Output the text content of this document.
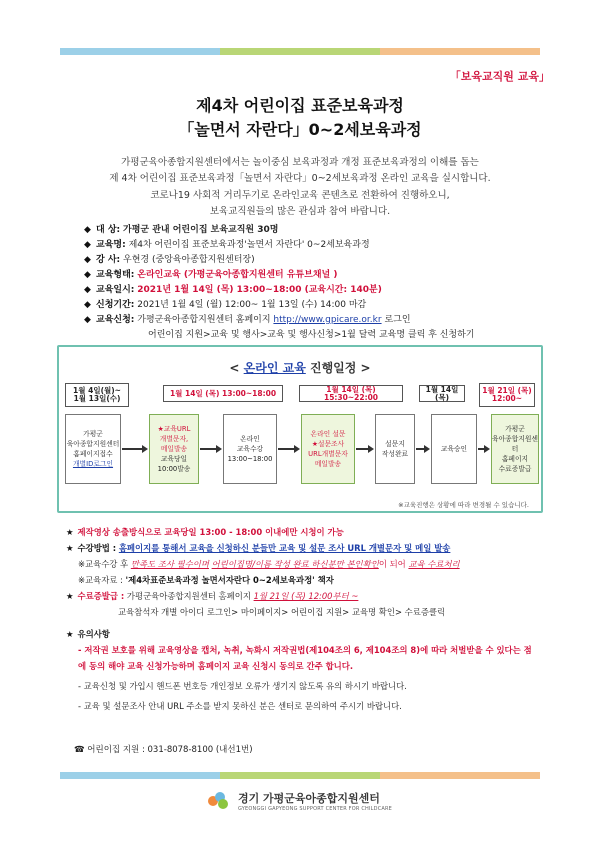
「보육교직원 교육」
제4차 어린이집 표준보육과정
「놀면서 자란다」0~2세보육과정
가평군육아종합지원센터에서는 놀이중심 보육과정과 개정 표준보육과정의 이해를 돕는
제 4차 어린이집 표준보육과정「놀면서 자란다」0~2세보육과정 온라인 교육을 실시합니다.
코로나19 사회적 거리두기로 온라인교육 콘텐츠로 전환하여 진행하오니,
보육교직원들의 많은 관심과 참여 바랍니다.
◆ 대 상:
가평군 관내 어린이집 보육교직원 30명
◆ 교육명:
제4차 어린이집 표준보육과정'놀면서 자란다' 0~2세보육과정
◆ 강 사:
우현경 (중앙육아종합지원센터장)
◆ 교육형태:
온라인교육 (가평군육아종합지원센터 유튜브채널 )
◆ 교육일시:
2021년 1월 14일 (목) 13:00~18:00 (교육시간: 140분)
◆ 신청기간:
2021년 1월 4일 (월) 12:00~ 1월 13일 (수) 14:00 마감
◆ 교육신청:
가평군육아종합지원센터 홈페이지
http://www.gpicare.or.kr
로그인
어린이집 지원>교육 및 행사>교육 및 행사신청>1월 달력 교육명 클릭 후 신청하기
< 온라인 교육 진행일정 >
1월 4일(월)~
1월 13일(수)
1월 14일 (목) 13:00~18:00	1월 14일 (목) 15:30~22:00
1월 14일(목)
1월 21일 (목)
12:00~
가평군
육아종합지원센터
홈페이지접수
개별ID로그인
★교육URL
개별문자,
메일발송
교육당일
10:00발송
온라인
교육수강
13:00~18:00
온라인 설문
★설문조사
URL개별문자
메일발송
설문지
작성완료
교육승인
가평군
육아종합지원센터
홈페이지
수료증발급
※교육진행은 상황에 따라 변경될 수 있습니다.
★ 제작영상 송출방식으로 교육당일 13:00 - 18:00 이내에만 시청이 가능
★ 수강방법 : 홈페이지를 통해서 교육을 신청하신 분들만 교육 및 설문 조사 URL 개별문자 및 메일 발송
※교육수강 후 만족도 조사 필수이며 어린이집명/이름 작성 완료 하신분만 본인확인이 되어 교육 수료처리
※교육자료 : '제4차표준보육과정 놀면서자란다 0~2세보육과정' 책자
★ 수료증발급 : 가평군육아종합지원센터 홈페이지 1월 21일 (목) 12:00부터 ~
교육참석자 개별 아이디 로그인> 마이페이지> 어린이집 지원> 교육명 확인> 수료증클릭
★ 유의사항
- 저작권 보호를 위해 교육영상을 캡처, 녹취, 녹화시 저작권법(제104조의 6, 제104조의 8)에 따라 처벌받을 수 있다는 점에 동의 해야 교육 신청가능하며 홈페이지 교육 신청시 동의로 간주 합니다.
- 교육신청 및 가입시 핸드폰 번호등 개인정보 오류가 생기지 않도록 유의 하시기 바랍니다.
- 교육 및 설문조사 안내 URL 주소를 받지 못하신 분은 센터로 문의하여 주시기 바랍니다.
☎ 어린이집 지원 : 031-8078-8100 (내선1번)
경기 가평군육아종합지원센터
GYEONGGI GAPYEONG SUPPORT CENTER FOR CHILDCARE
